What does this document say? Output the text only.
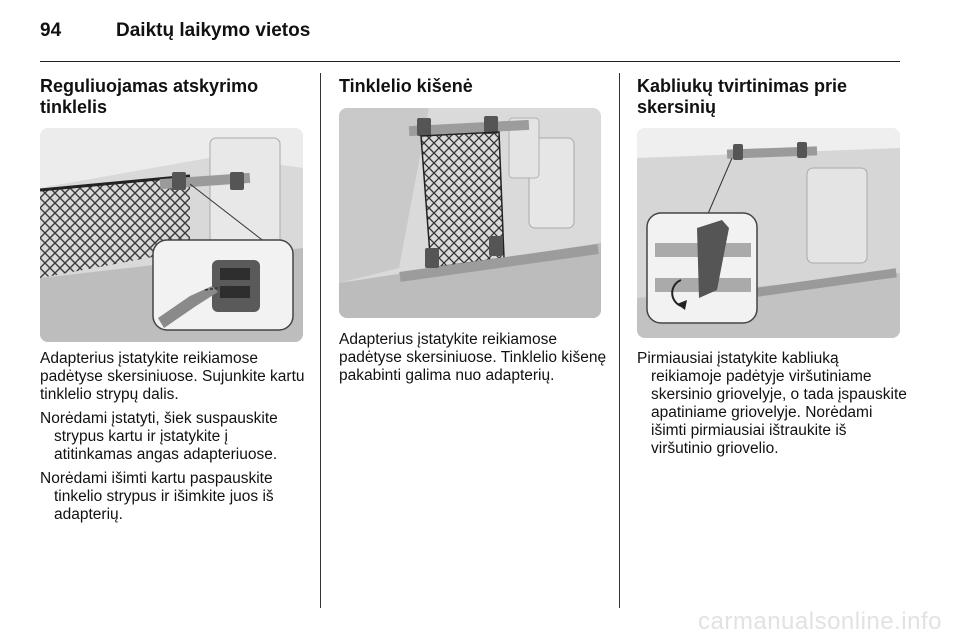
94	Daiktų laikymo vietos
Reguliuojamas atskyrimo tinklelis

Adapterius įstatykite reikiamose padėtyse skersiniuose. Sujunkite kartu tinklelio strypų dalis.

Norėdami įstatyti, šiek suspauskite strypus kartu ir įstatykite į atitinkamas angas adapteriuose.

Norėdami išimti kartu paspauskite tinkelio strypus ir išimkite juos iš adapterių.

Tinklelio kišenė

Adapterius įstatykite reikiamose padėtyse skersiniuose. Tinklelio kišenę pakabinti galima nuo adapterių.

Kabliukų tvirtinimas prie skersinių

Pirmiausiai įstatykite kabliuką reikiamoje padėtyje viršutiniame skersinio griovelyje, o tada įspauskite apatiniame griovelyje. Norėdami išimti pirmiausiai ištraukite iš viršutinio griovelio.

carmanualsonline.info
